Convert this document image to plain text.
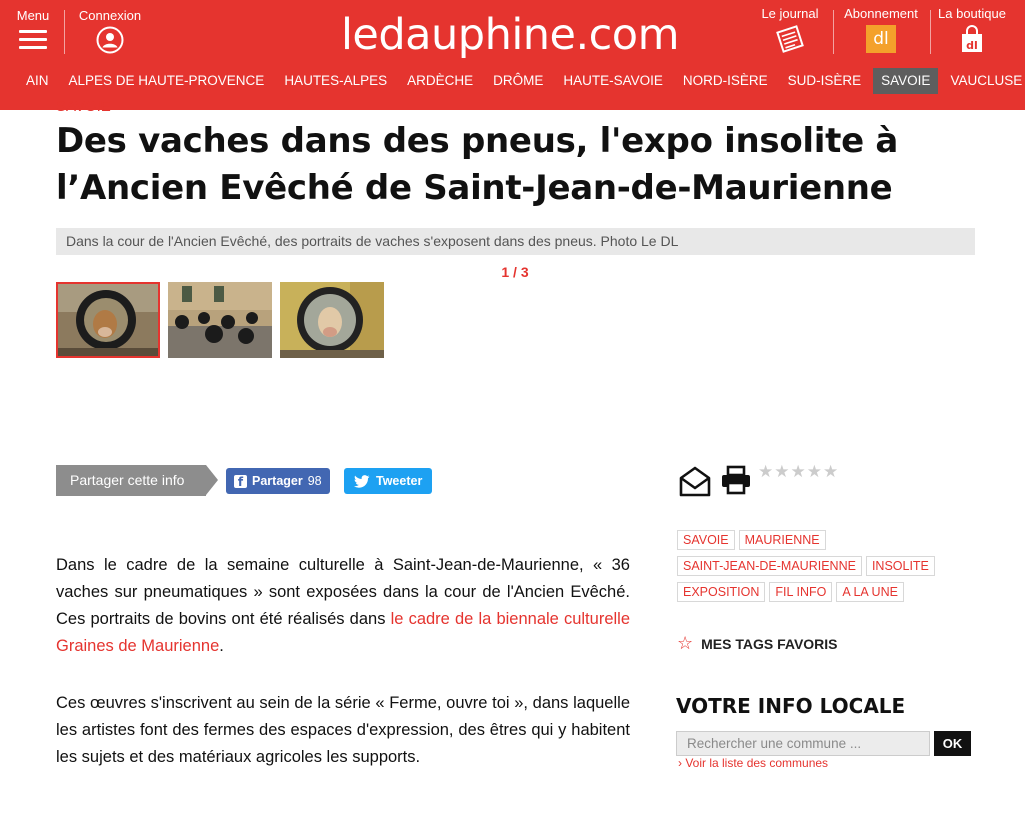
Menu	Connexion	ledauphine.com	Le journal	Abonnement
dl
La boutique
dl
AIN	ALPES DE HAUTE-PROVENCE	HAUTES-ALPES	ARDÈCHE	DRÔME	HAUTE-SAVOIE	NORD-ISÈRE	SUD-ISÈRE	SAVOIE	VAUCLUSE
SAVOIE
Des vaches dans des pneus, l'expo insolite à l’Ancien Evêché de Saint-Jean-de-Maurienne
Dans la cour de l'Ancien Evêché, des portraits de vaches s'exposent dans des pneus. Photo Le DL
1 / 3
Partager cette info	f Partager 98	Tweeter

Dans le cadre de la semaine culturelle à Saint-Jean-de-Maurienne, « 36 vaches sur pneumatiques » sont exposées dans la cour de l'Ancien Evêché. Ces portraits de bovins ont été réalisés dans le cadre de la biennale culturelle Graines de Maurienne.

Ces œuvres s'inscrivent au sein de la série « Ferme, ouvre toi », dans laquelle les artistes font des fermes des espaces d'expression, des êtres qui y habitent les sujets et des matériaux agricoles les supports.

★ ★ ★ ★ ★
SAVOIE	MAURIENNE
SAINT-JEAN-DE-MAURIENNE	INSOLITE
EXPOSITION	FIL INFO	A LA UNE
☆ MES TAGS FAVORIS
VOTRE INFO LOCALE
Rechercher une commune ...
OK
› Voir la liste des communes
